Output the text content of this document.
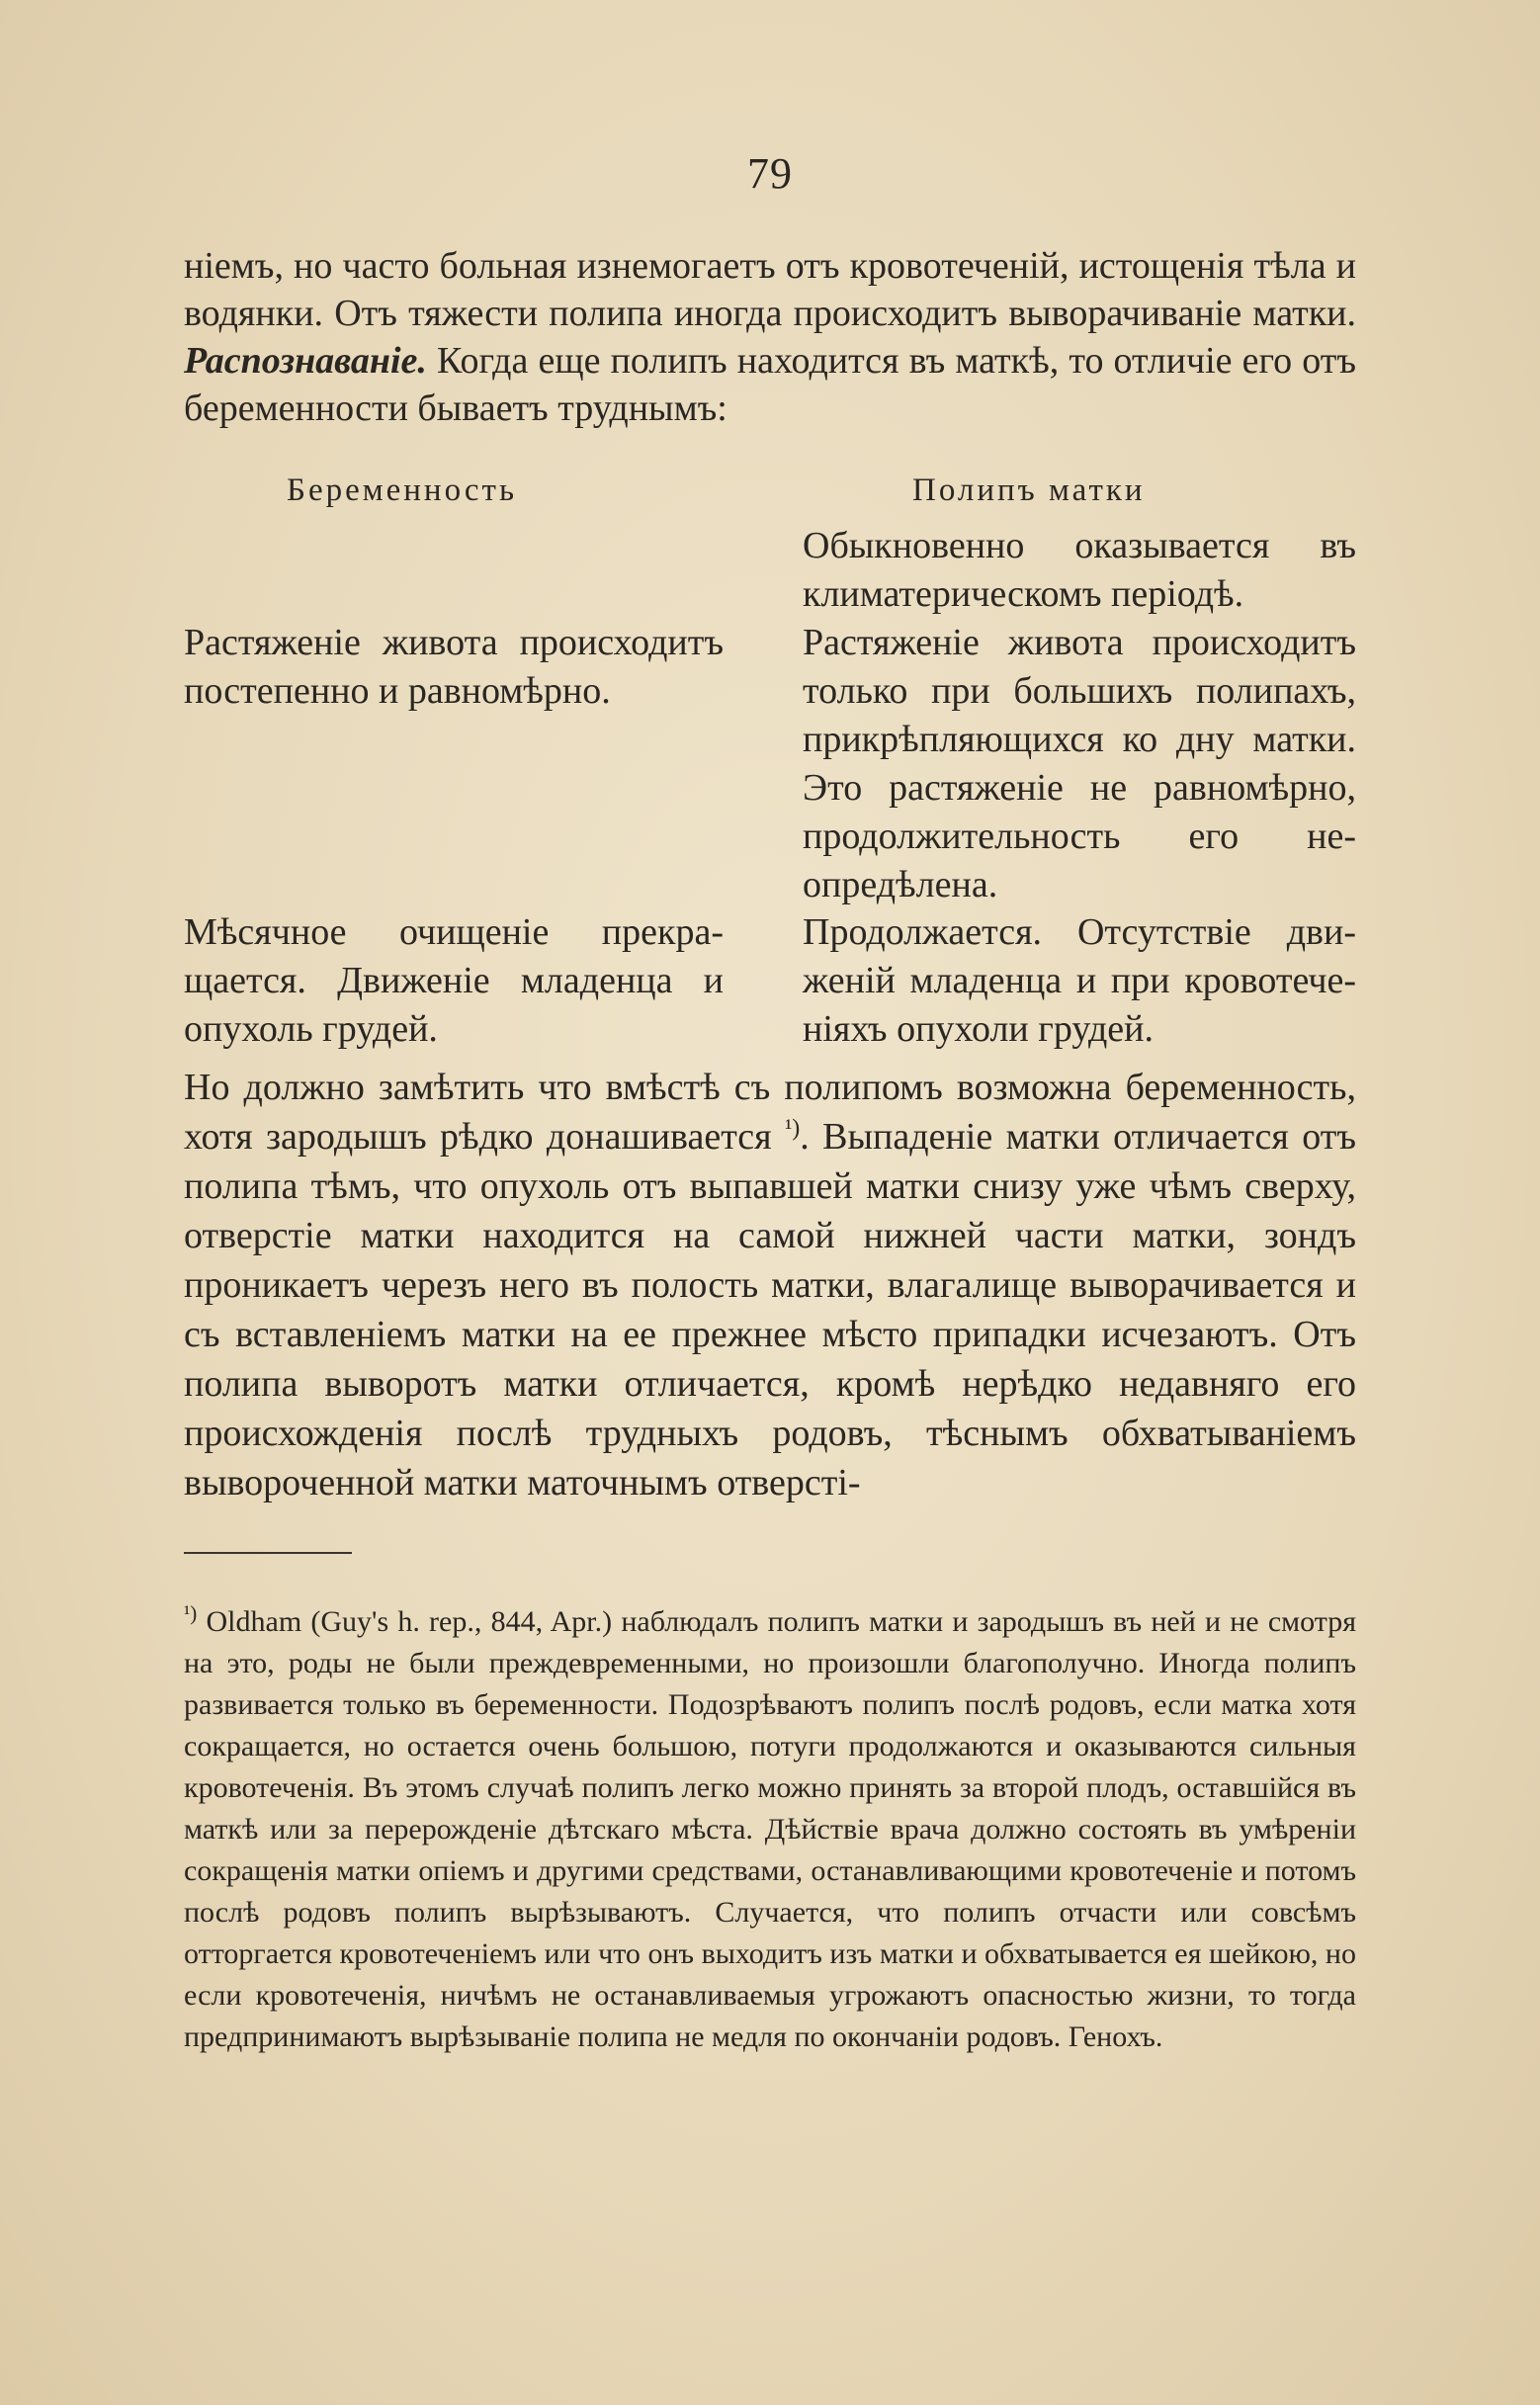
79
ніемъ, но часто больная изнемогаетъ отъ кровотеченій, истощенія тѣла и водянки. Отъ тяжести полипа иногда происходитъ выворачиваніе матки. Распознаваніе. Когда еще полипъ находится въ маткѣ, то отличіе его отъ беременности бываетъ труднымъ:
Беременность	Полипъ матки
Обыкновенно оказывается въ климатерическомъ періодѣ.
Растяженіе живота происходитъ постепенно и равномѣрно.
Растяженіе живота происходитъ только при большихъ полипахъ, прикрѣпляющихся ко дну матки. Это растяженіе не равномѣрно, продолжительность его неопредѣлена.
Мѣсячное очищеніе прекращается. Движеніе младенца и опухоль грудей.
Продолжается. Отсутствіе движеній младенца и при кровотеченіяхъ опухоли грудей.
Но должно замѣтить что вмѣстѣ съ полипомъ возможна беременность, хотя зародышъ рѣдко донашивается $^{^1)}$. Выпаденіе матки отличается отъ полипа тѣмъ, что опухоль отъ выпавшей матки снизу уже чѣмъ сверху, отверстіе матки находится на самой нижней части матки, зондъ проникаетъ черезъ него въ полость матки, влагалище выворачивается и съ вставленіемъ матки на ее прежнее мѣсто припадки исчезаютъ. Отъ полипа выворотъ матки отличается, кромѣ нерѣдко недавняго его происхожденія послѣ трудныхъ родовъ, тѣснымъ обхватываніемъ вывороченной матки маточнымъ отверсті-
$^{^1)}$ Oldham (Guy's h. rep., 844, Apr.) наблюдалъ полипъ матки и зародышъ въ ней и не смотря на это, роды не были преждевременными, но произошли благополучно. Иногда полипъ развивается только въ беременности. Подозрѣваютъ полипъ послѣ родовъ, если матка хотя сокращается, но остается очень большою, потуги продолжаются и оказываются сильныя кровотеченія. Въ этомъ случаѣ полипъ легко можно принять за второй плодъ, оставшійся въ маткѣ или за перерожденіе дѣтскаго мѣста. Дѣйствіе врача должно состоять въ умѣреніи сокращенія матки опіемъ и другими средствами, останавливающими кровотеченіе и потомъ послѣ родовъ полипъ вырѣзываютъ. Случается, что полипъ отчасти или совсѣмъ отторгается кровотеченіемъ или что онъ выходитъ изъ матки и обхватывается ея шейкою, но если кровотеченія, ничѣмъ не останавливаемыя угрожаютъ опасностью жизни, то тогда предпринимаютъ вырѣзываніе полипа не медля по окончаніи родовъ. Генохъ.
